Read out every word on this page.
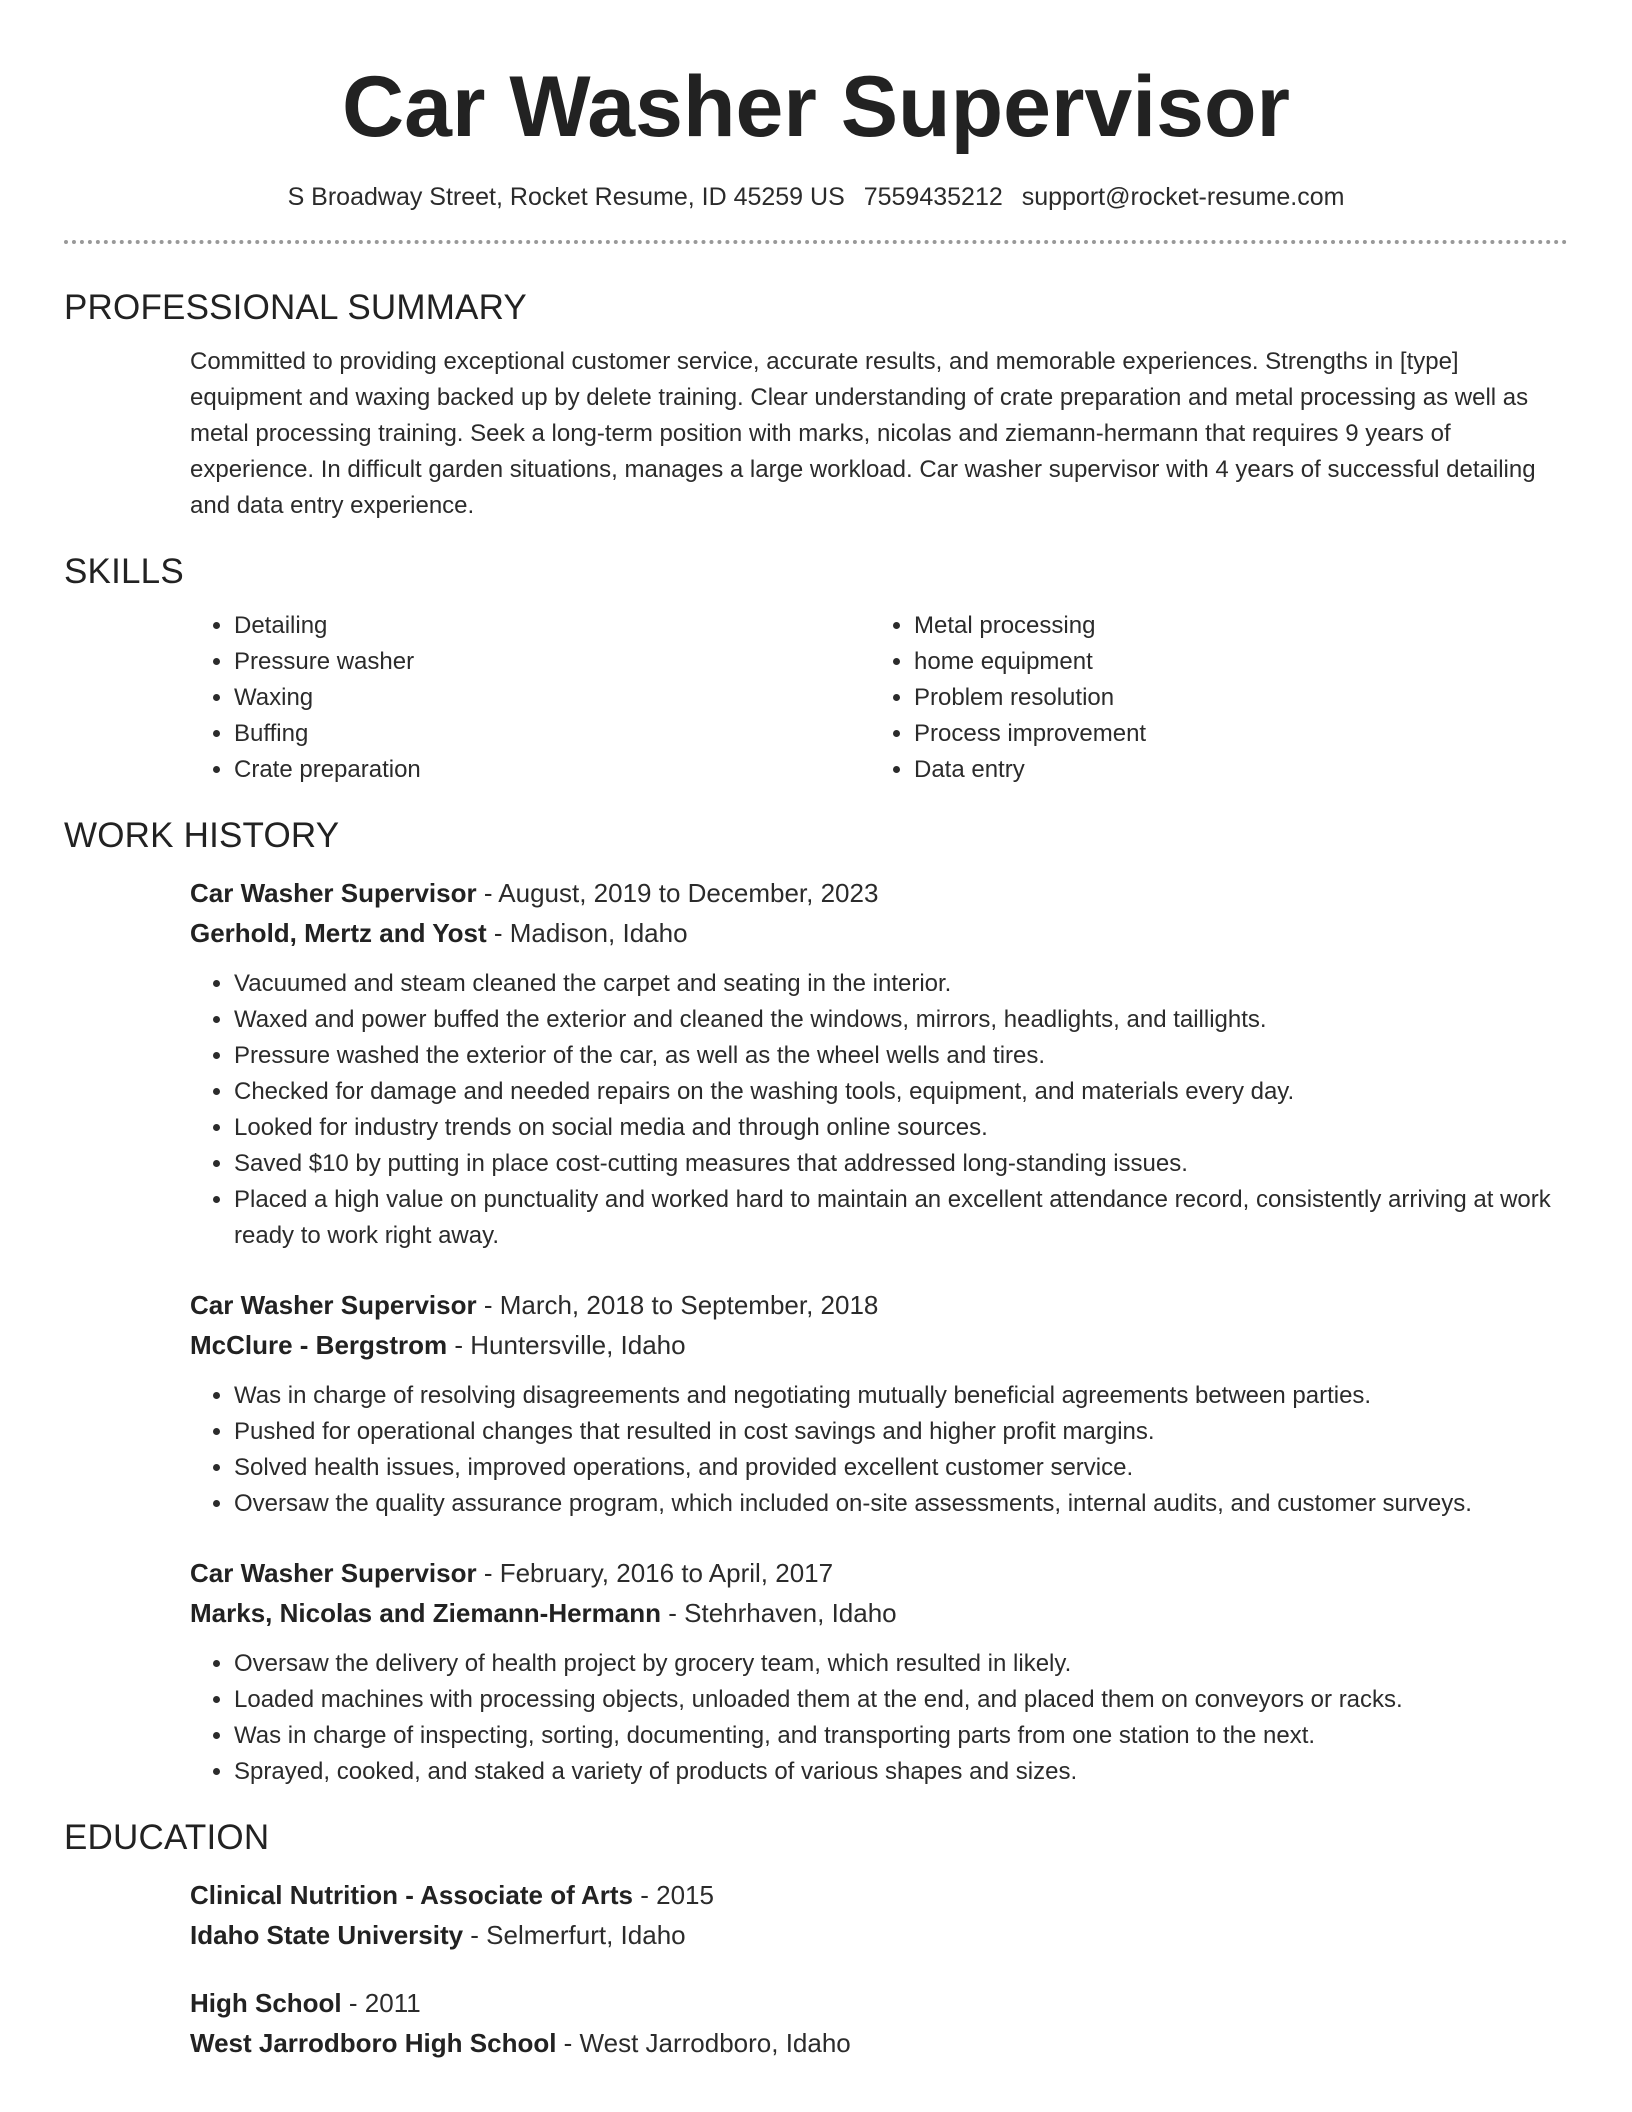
Car Washer Supervisor
S Broadway Street, Rocket Resume, ID 45259 US 7559435212 support@rocket-resume.com
PROFESSIONAL SUMMARY

Committed to providing exceptional customer service, accurate results, and memorable experiences. Strengths in [type] equipment and waxing backed up by delete training. Clear understanding of crate preparation and metal processing as well as metal processing training. Seek a long-term position with marks, nicolas and ziemann-hermann that requires 9 years of experience. In difficult garden situations, manages a large workload. Car washer supervisor with 4 years of successful detailing and data entry experience.

SKILLS
• Detailing
• Pressure washer
• Waxing
• Buffing
• Crate preparation
• Metal processing
• home equipment
• Problem resolution
• Process improvement
• Data entry
WORK HISTORY
Car Washer Supervisor - August, 2019 to December, 2023
Gerhold, Mertz and Yost - Madison, Idaho
• Vacuumed and steam cleaned the carpet and seating in the interior.
• Waxed and power buffed the exterior and cleaned the windows, mirrors, headlights, and taillights.
• Pressure washed the exterior of the car, as well as the wheel wells and tires.
• Checked for damage and needed repairs on the washing tools, equipment, and materials every day.
• Looked for industry trends on social media and through online sources.
• Saved $10 by putting in place cost-cutting measures that addressed long-standing issues.
• Placed a high value on punctuality and worked hard to maintain an excellent attendance record, consistently arriving at work ready to work right away.
Car Washer Supervisor - March, 2018 to September, 2018
McClure - Bergstrom - Huntersville, Idaho
• Was in charge of resolving disagreements and negotiating mutually beneficial agreements between parties.
• Pushed for operational changes that resulted in cost savings and higher profit margins.
• Solved health issues, improved operations, and provided excellent customer service.
• Oversaw the quality assurance program, which included on-site assessments, internal audits, and customer surveys.
Car Washer Supervisor - February, 2016 to April, 2017
Marks, Nicolas and Ziemann-Hermann - Stehrhaven, Idaho
• Oversaw the delivery of health project by grocery team, which resulted in likely.
• Loaded machines with processing objects, unloaded them at the end, and placed them on conveyors or racks.
• Was in charge of inspecting, sorting, documenting, and transporting parts from one station to the next.
• Sprayed, cooked, and staked a variety of products of various shapes and sizes.
EDUCATION
Clinical Nutrition - Associate of Arts - 2015
Idaho State University - Selmerfurt, Idaho
High School - 2011
West Jarrodboro High School - West Jarrodboro, Idaho
